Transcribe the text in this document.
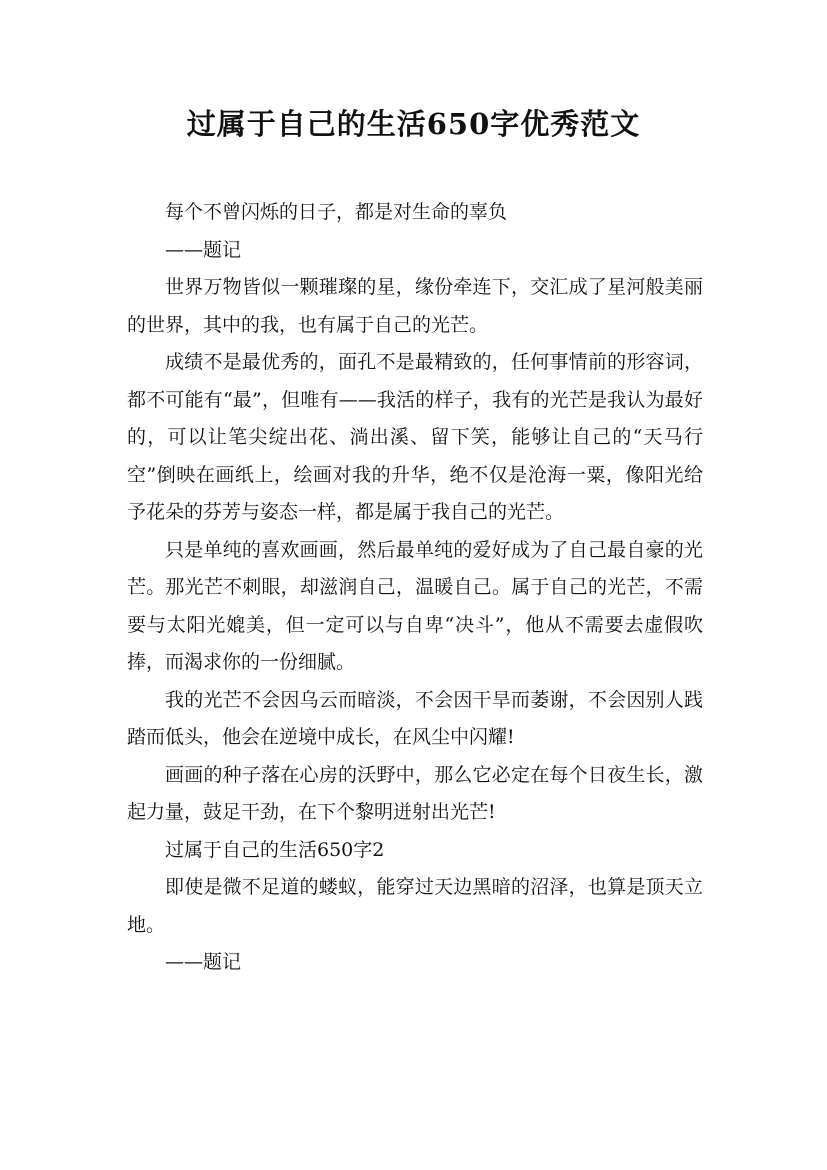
过属于自己的生活650字优秀范文

每个不曾闪烁的日子，都是对生命的辜负

——题记

世界万物皆似一颗璀璨的星，缘份牵连下，交汇成了星河般美丽的世界，其中的我，也有属于自己的光芒。

成绩不是最优秀的，面孔不是最精致的，任何事情前的形容词，都不可能有“最”，但唯有——我活的样子，我有的光芒是我认为最好的，可以让笔尖绽出花、淌出溪、留下笑，能够让自己的“天马行空”倒映在画纸上，绘画对我的升华，绝不仅是沧海一粟，像阳光给予花朵的芬芳与姿态一样，都是属于我自己的光芒。

只是单纯的喜欢画画，然后最单纯的爱好成为了自己最自豪的光芒。那光芒不刺眼，却滋润自己，温暖自己。属于自己的光芒，不需要与太阳光媲美，但一定可以与自卑“决斗”，他从不需要去虚假吹捧，而渴求你的一份细腻。

我的光芒不会因乌云而暗淡，不会因干旱而萎谢，不会因别人践踏而低头，他会在逆境中成长，在风尘中闪耀!

画画的种子落在心房的沃野中，那么它必定在每个日夜生长，激起力量，鼓足干劲，在下个黎明迸射出光芒!

过属于自己的生活650字2

即使是微不足道的蝼蚁，能穿过天边黑暗的沼泽，也算是顶天立地。

——题记
